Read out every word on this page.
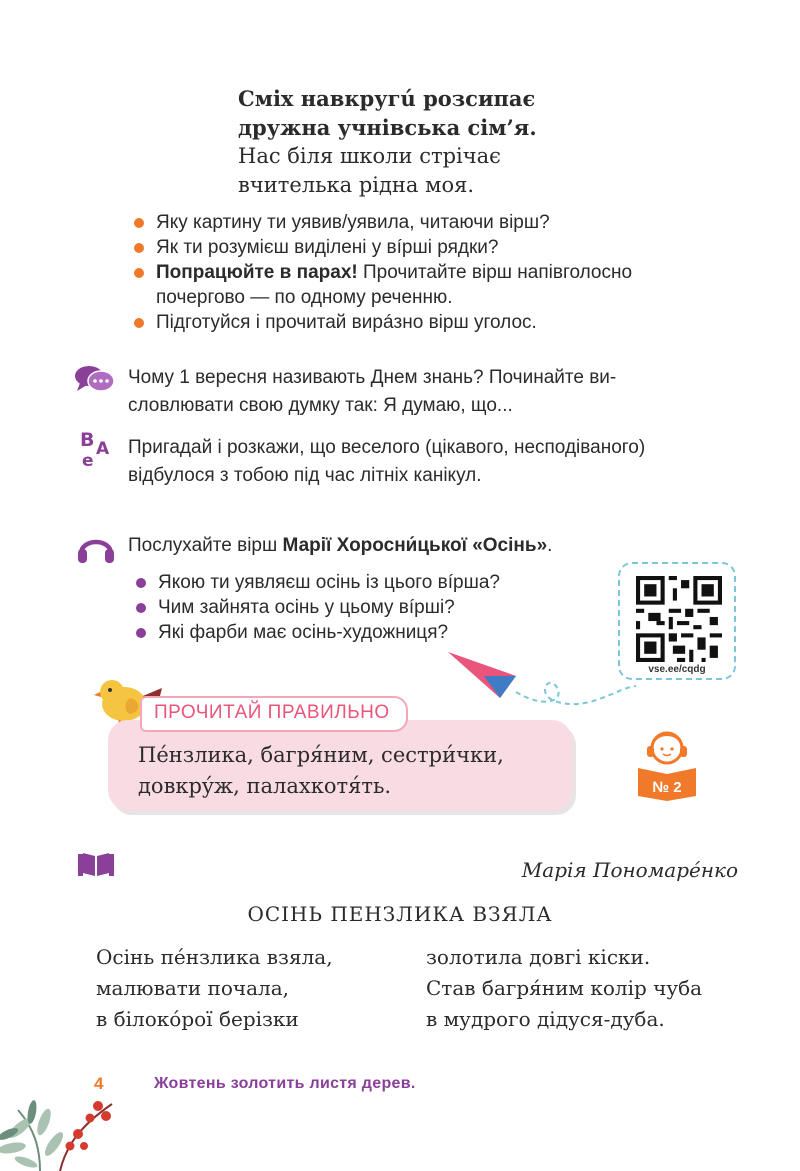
Сміх навкругú розсипає
дружна учнівська сім’я.
Нас біля школи стрічає
вчителька рідна моя.
Яку картину ти уявив/уявила, читаючи вірш?
Як ти розумієш виділені у вíрші рядки?
Попрацюйте в парах! Прочитайте вірш напівголосно
почергово — по одному реченню.
Підготуйся і прочитай вирáзно вірш уголос.
Чому 1 вересня називають Днем знань? Починайте ви-
словлювати свою думку так: Я думаю, що...
В А
е
Пригадай і розкажи, що веселого (цікавого, несподіваного)
відбулося з тобою під час літніх канікул.
Послухайте вірш Марії Хоросни́цької «Осінь».
Якою ти уявляєш осінь із цього вíрша?
Чим зайнята осінь у цьому вíрші?
Які фарби має осінь-художниця?
vse.ee/cqdg
ПРОЧИТАЙ ПРАВИЛЬНО
Пéнзлика, багря́ним, сестри́чки,
довкрýж, палахкотя́ть.	№ 2
Марія Пономарéнко
ОСІНЬ ПЕНЗЛИКА ВЗЯЛА
Осінь пéнзлика взяла,
малювати почала,
в білокóрої берізки
золотила довгі кіски.
Став багря́ним колір чуба
в мудрого дідуся-дуба.
4	Жовтень золотить листя дерев.
